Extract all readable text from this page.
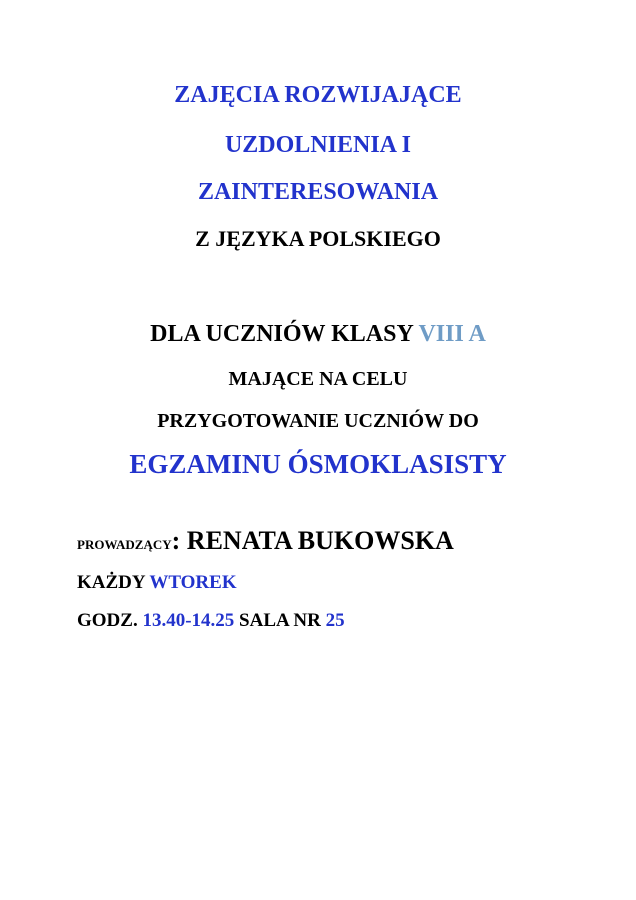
ZAJĘCIA ROZWIJAJĄCE
UZDOLNIENIA I
ZAINTERESOWANIA
Z JĘZYKA POLSKIEGO
DLA UCZNIÓW KLASY VIII A
MAJĄCE NA CELU
PRZYGOTOWANIE UCZNIÓW DO
EGZAMINU ÓSMOKLASISTY
PROWADZĄCY: RENATA BUKOWSKA
KAŻDY WTOREK
GODZ. 13.40-14.25 SALA NR 25
